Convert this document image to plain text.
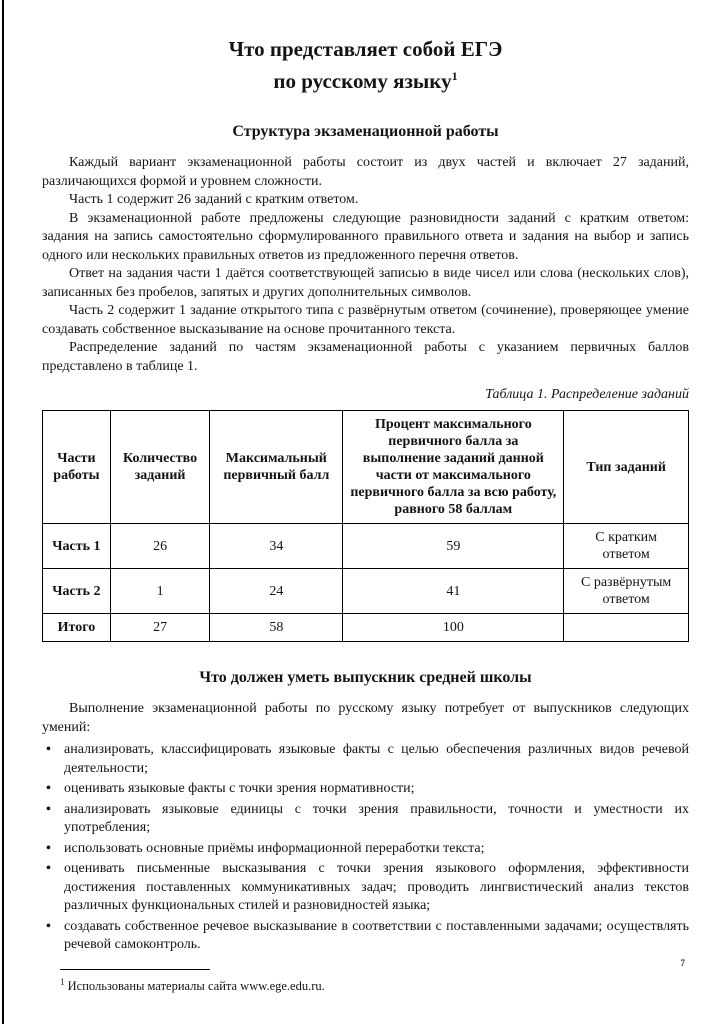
Что представляет собой ЕГЭ
по русскому языку$^1$
Структура экзаменационной работы

Каждый вариант экзаменационной работы состоит из двух частей и включает 27 заданий, различающихся формой и уровнем сложности.

Часть 1 содержит 26 заданий с кратким ответом.

В экзаменационной работе предложены следующие разновидности заданий с кратким ответом: задания на запись самостоятельно сформулированного правильного ответа и задания на выбор и запись одного или нескольких правильных ответов из предложенного перечня ответов.

Ответ на задания части 1 даётся соответствующей записью в виде чисел или слова (нескольких слов), записанных без пробелов, запятых и других дополнительных символов.

Часть 2 содержит 1 задание открытого типа с развёрнутым ответом (сочинение), проверяющее умение создавать собственное высказывание на основе прочитанного текста.

Распределение заданий по частям экзаменационной работы с указанием первичных баллов представлено в таблице 1.

Таблица 1. Распределение заданий
Части работы	Количество заданий	Максимальный первичный балл	Процент максимального первичного балла за выполнение заданий данной части от максимального первичного балла за всю работу, равного 58 баллам	Тип заданий
Часть 1	26	34	59	С кратким ответом
Часть 2	1	24	41	С развёрнутым ответом
Итого	27	58	100	
Что должен уметь выпускник средней школы

Выполнение экзаменационной работы по русскому языку потребует от выпускников следующих умений:

• анализировать, классифицировать языковые факты с целью обеспечения различных видов речевой деятельности;
• оценивать языковые факты с точки зрения нормативности;
• анализировать языковые единицы с точки зрения правильности, точности и уместности их употребления;
• использовать основные приёмы информационной переработки текста;
• оценивать письменные высказывания с точки зрения языкового оформления, эффективности достижения поставленных коммуникативных задач; проводить лингвистический анализ текстов различных функциональных стилей и разновидностей языка;
• создавать собственное речевое высказывание в соответствии с поставленными задачами; осуществлять речевой самоконтроль.
$^1$ Использованы материалы сайта www.ege.edu.ru.
7
